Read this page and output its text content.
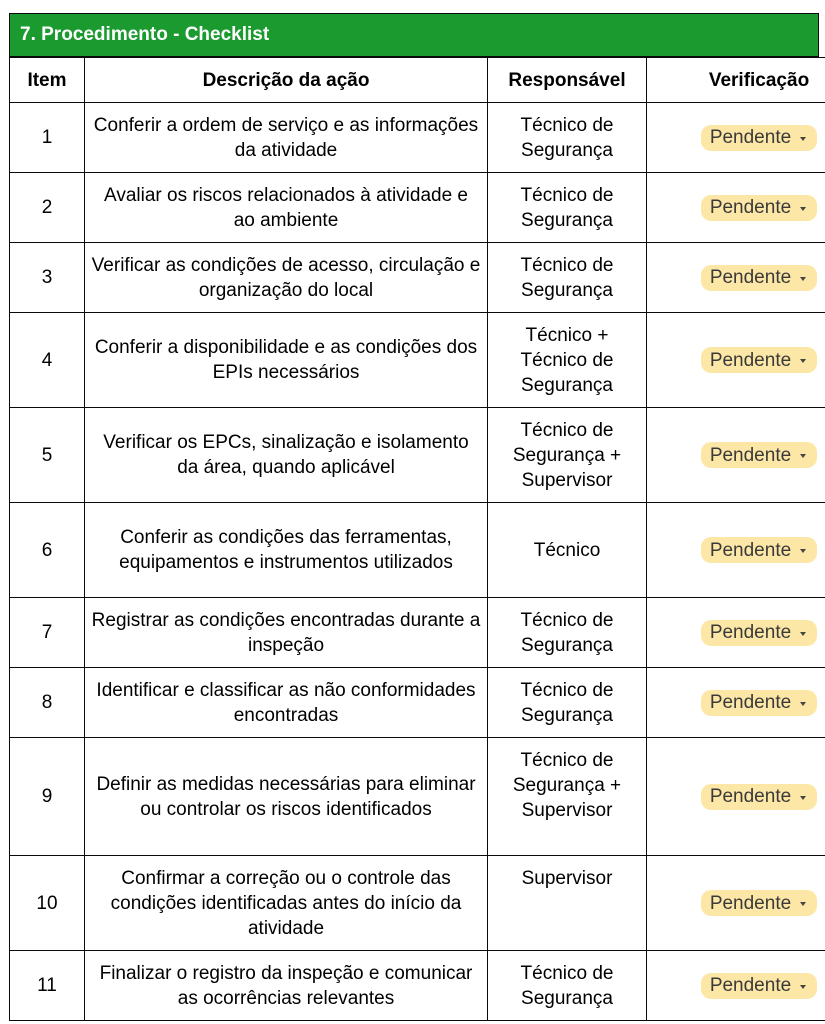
7. Procedimento - Checklist
Item	Descrição da ação	Responsável	Verificação
1	Conferir a ordem de serviço e as informações da atividade	Técnico de Segurança	Pendente

2	Avaliar os riscos relacionados à atividade e ao ambiente	Técnico de Segurança	Pendente

3	Verificar as condições de acesso, circulação e organização do local	Técnico de Segurança	Pendente

4	Conferir a disponibilidade e as condições dos EPIs necessários	Técnico + Técnico de Segurança	Pendente

5	Verificar os EPCs, sinalização e isolamento da área, quando aplicável	Técnico de Segurança + Supervisor	Pendente

6	Conferir as condições das ferramentas, equipamentos e instrumentos utilizados	Técnico	Pendente

7	Registrar as condições encontradas durante a inspeção	Técnico de Segurança	Pendente

8	Identificar e classificar as não conformidades encontradas	Técnico de Segurança	Pendente

9	Definir as medidas necessárias para eliminar ou controlar os riscos identificados	Técnico de Segurança + Supervisor	Pendente

10	Confirmar a correção ou o controle das condições identificadas antes do início da atividade	Supervisor	Pendente

11	Finalizar o registro da inspeção e comunicar as ocorrências relevantes	Técnico de Segurança	Pendente
